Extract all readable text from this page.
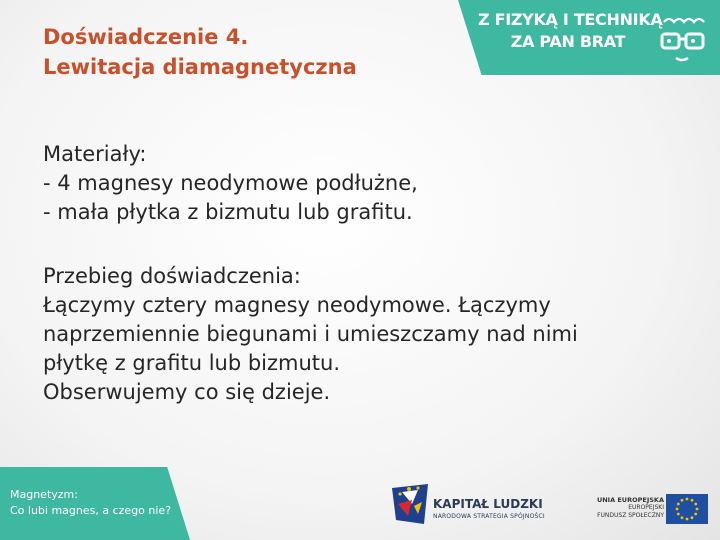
Doświadczenie 4.
Lewitacja diamagnetyczna
Z FIZYKĄ I TECHNIKĄ
ZA PAN BRAT
Materiały:
- 4 magnesy neodymowe podłużne,
- mała płytka z bizmutu lub grafitu.
Przebieg doświadczenia:
Łączymy cztery magnesy neodymowe. Łączymy
naprzemiennie biegunami i umieszczamy nad nimi
płytkę z grafitu lub bizmutu.
Obserwujemy co się dzieje.
Magnetyzm:
Co lubi magnes, a czego nie?	KAPITAŁ LUDZKI
NARODOWA STRATEGIA SPÓJNOŚCI
UNIA EUROPEJSKA
EUROPEJSKI
FUNDUSZ SPOŁECZNY
